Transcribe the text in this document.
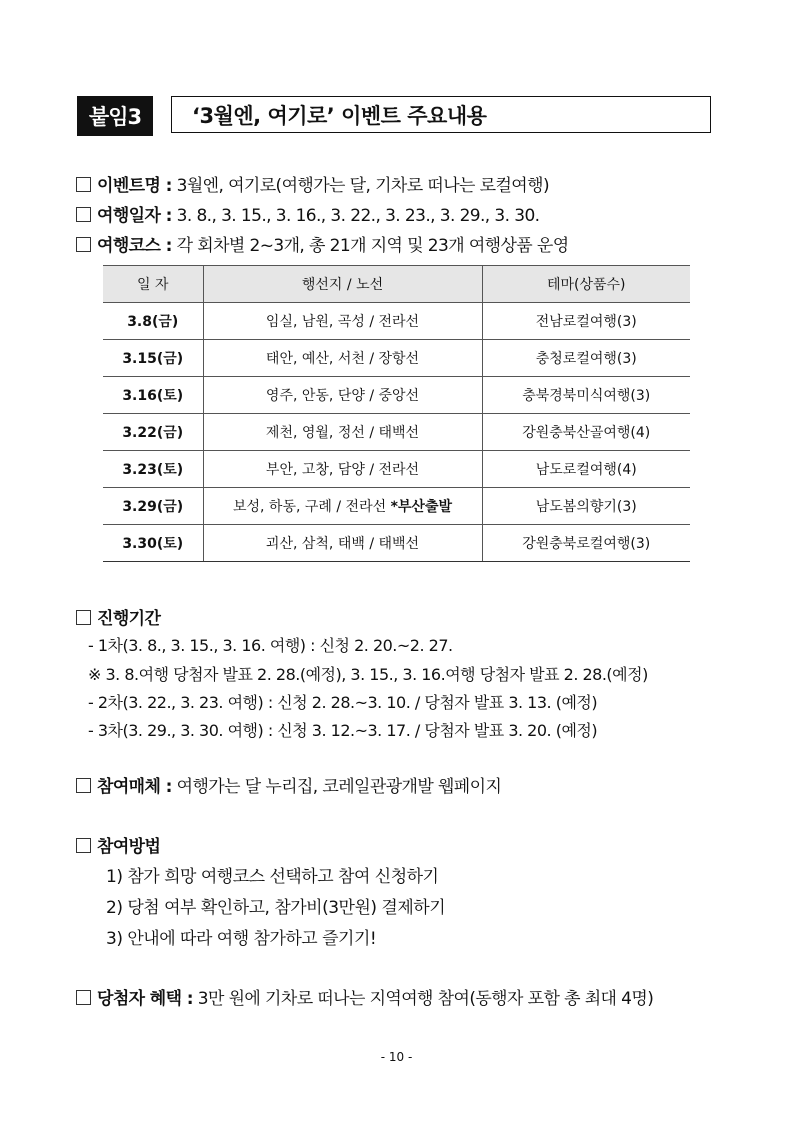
붙임3	‘3월엔, 여기로’ 이벤트 주요내용
이벤트명 : 3월엔, 여기로(여행가는 달, 기차로 떠나는 로컬여행)
여행일자 : 3. 8., 3. 15., 3. 16., 3. 22., 3. 23., 3. 29., 3. 30.
여행코스 : 각 회차별 2~3개, 총 21개 지역 및 23개 여행상품 운영
일 자	행선지 / 노선	테마(상품수)
3.8(금)	임실, 남원, 곡성 / 전라선	전남로컬여행(3)
3.15(금)	태안, 예산, 서천 / 장항선	충청로컬여행(3)
3.16(토)	영주, 안동, 단양 / 중앙선	충북경북미식여행(3)
3.22(금)	제천, 영월, 정선 / 태백선	강원충북산골여행(4)
3.23(토)	부안, 고창, 담양 / 전라선	남도로컬여행(4)
3.29(금)	보성, 하동, 구례 / 전라선 *부산출발	남도봄의향기(3)
3.30(토)	괴산, 삼척, 태백 / 태백선	강원충북로컬여행(3)
진행기간
- 1차(3. 8., 3. 15., 3. 16. 여행) : 신청 2. 20.~2. 27.
※ 3. 8.여행 당첨자 발표 2. 28.(예정), 3. 15., 3. 16.여행 당첨자 발표 2. 28.(예정)
- 2차(3. 22., 3. 23. 여행) : 신청 2. 28.~3. 10. / 당첨자 발표 3. 13. (예정)
- 3차(3. 29., 3. 30. 여행) : 신청 3. 12.~3. 17. / 당첨자 발표 3. 20. (예정)
참여매체 : 여행가는 달 누리집, 코레일관광개발 웹페이지
참여방법
1) 참가 희망 여행코스 선택하고 참여 신청하기
2) 당첨 여부 확인하고, 참가비(3만원) 결제하기
3) 안내에 따라 여행 참가하고 즐기기!
당첨자 혜택 : 3만 원에 기차로 떠나는 지역여행 참여(동행자 포함 총 최대 4명)
- 10 -
